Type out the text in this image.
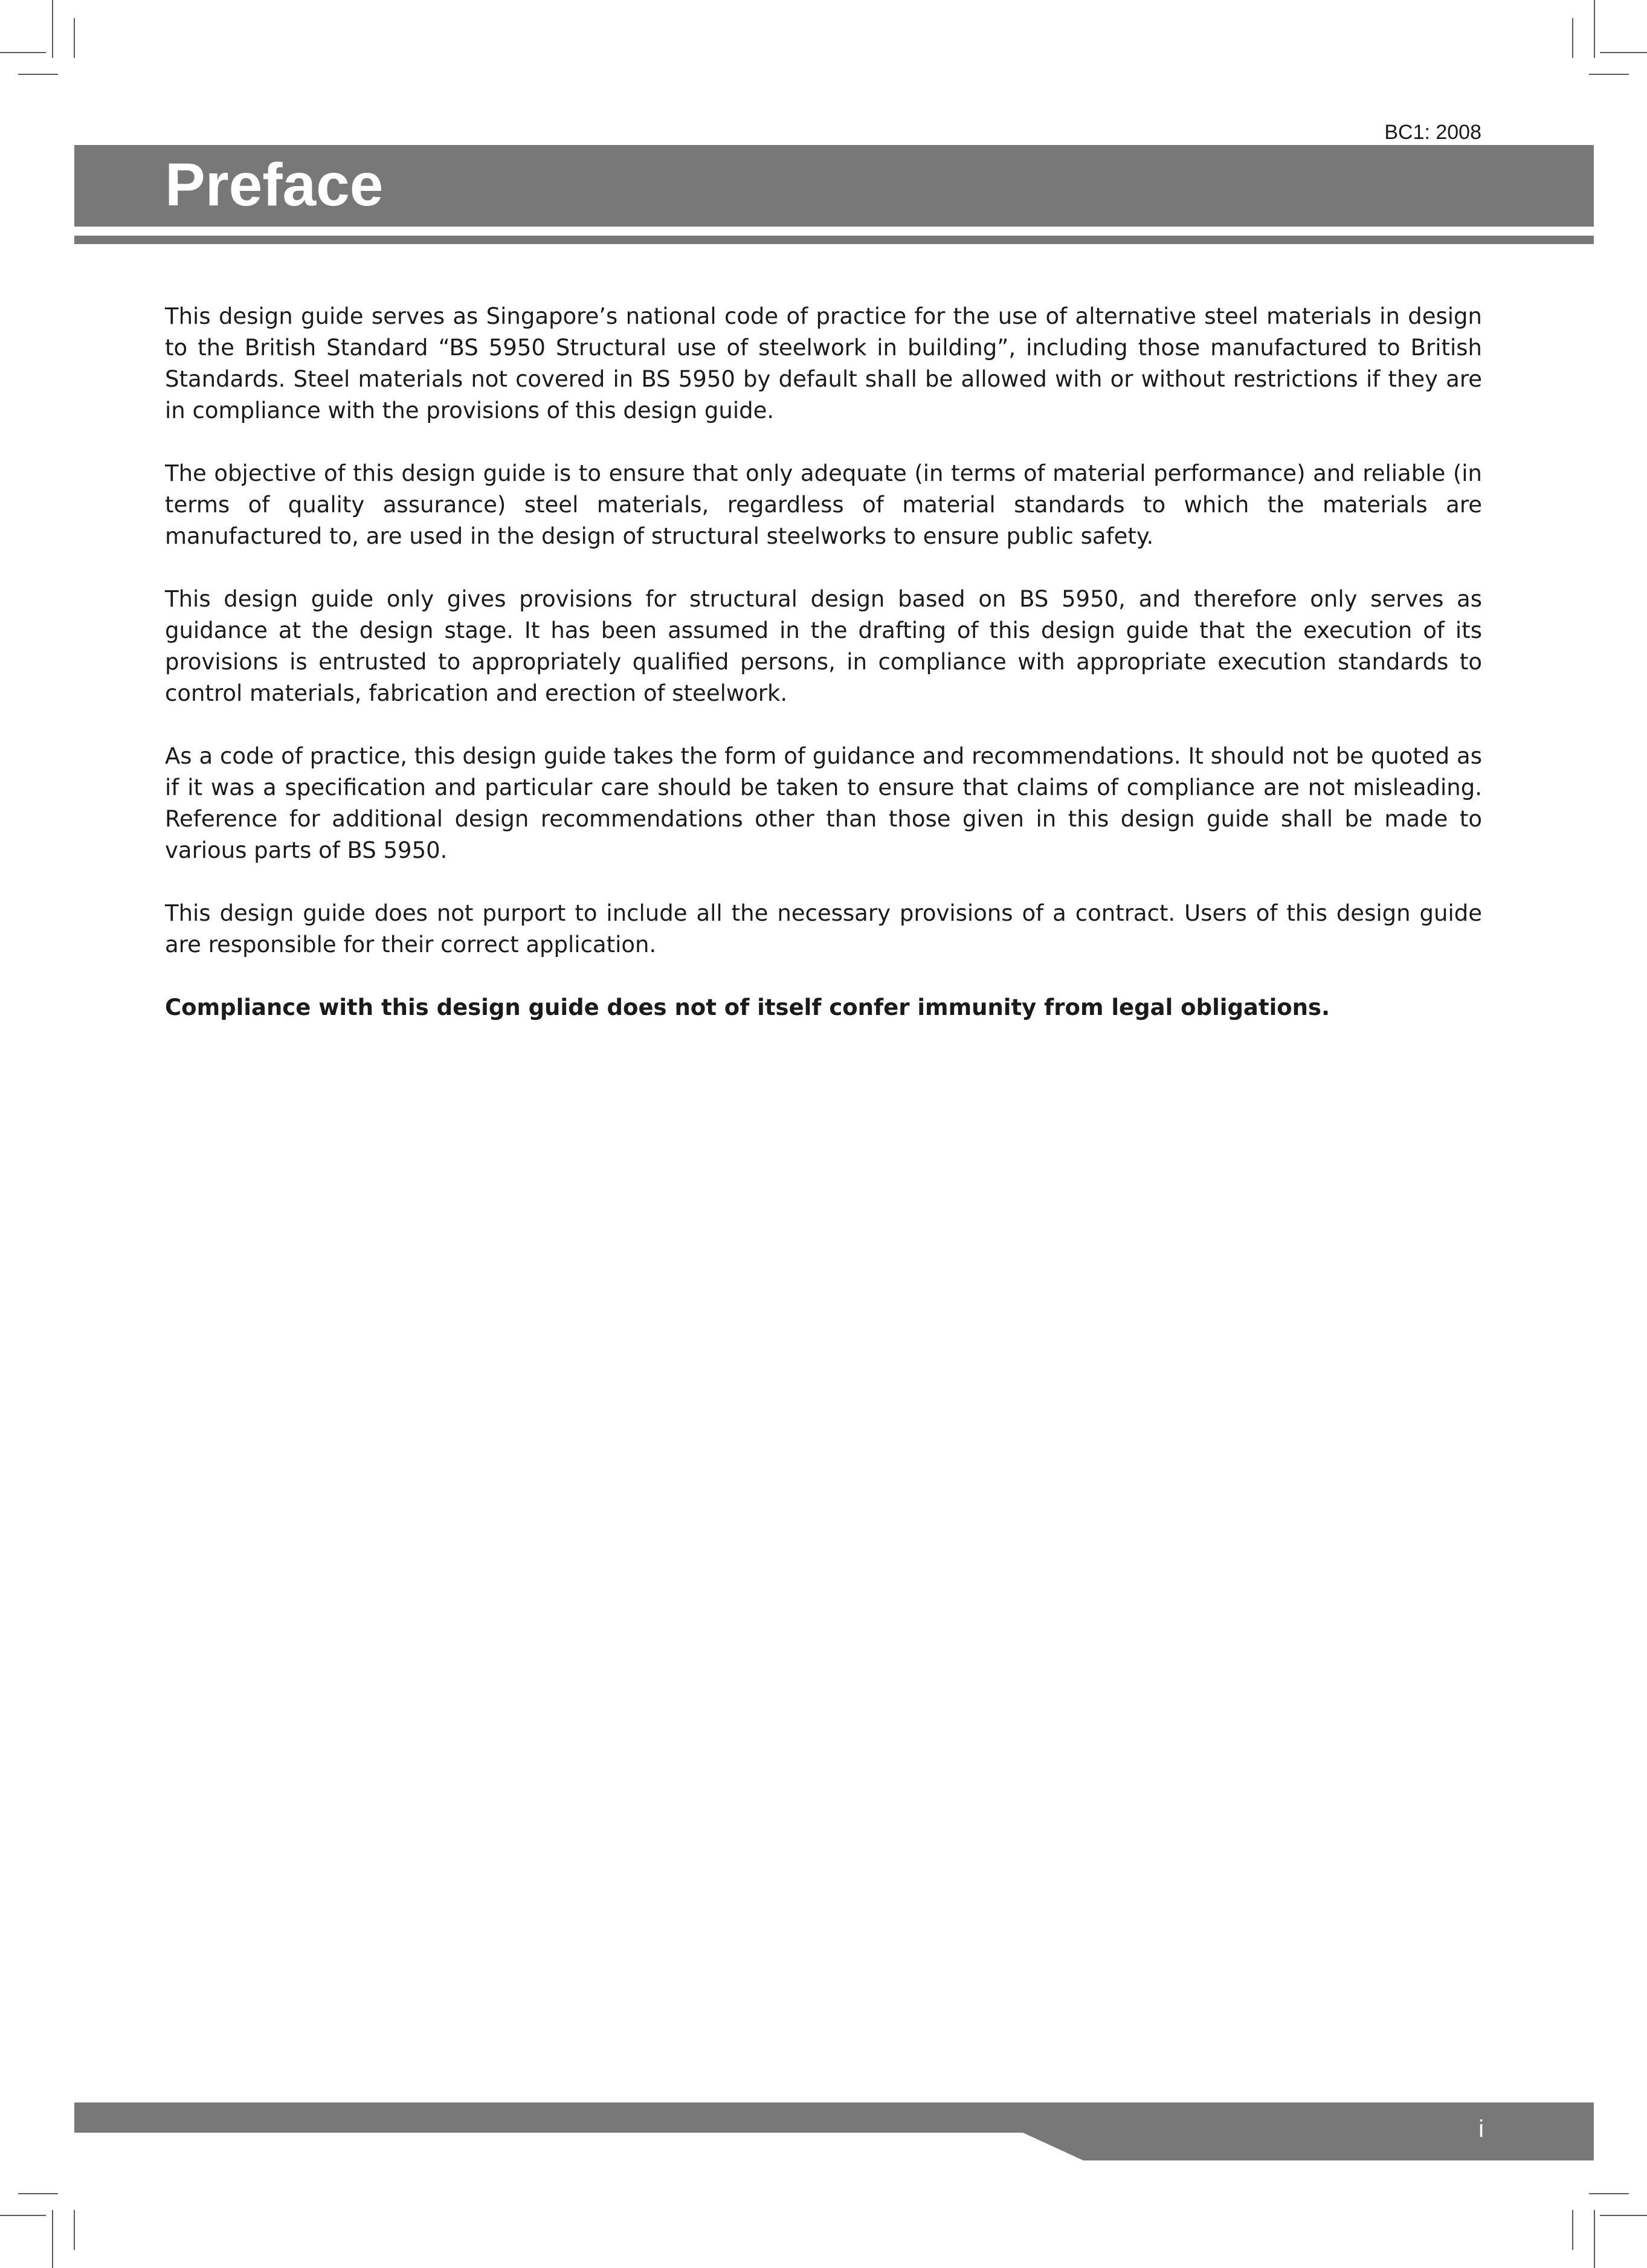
BC1: 2008
Preface

This design guide serves as Singapore’s national code of practice for the use of alternative steel materials in design to the British Standard “BS 5950 Structural use of steelwork in building”, including those manufactured to British Standards. Steel materials not covered in BS 5950 by default shall be allowed with or without restrictions if they are in compliance with the provisions of this design guide.

The objective of this design guide is to ensure that only adequate (in terms of material performance) and reliable (in terms of quality assurance) steel materials, regardless of material standards to which the materials are manufactured to, are used in the design of structural steelworks to ensure public safety.

This design guide only gives provisions for structural design based on BS 5950, and therefore only serves as guidance at the design stage. It has been assumed in the drafting of this design guide that the execution of its provisions is entrusted to appropriately qualified persons, in compliance with appropriate execution standards to control materials, fabrication and erection of steelwork.

As a code of practice, this design guide takes the form of guidance and recommendations. It should not be quoted as if it was a specification and particular care should be taken to ensure that claims of compliance are not misleading. Reference for additional design recommendations other than those given in this design guide shall be made to various parts of BS 5950.

This design guide does not purport to include all the necessary provisions of a contract. Users of this design guide are responsible for their correct application.

Compliance with this design guide does not of itself confer immunity from legal obligations.

i
